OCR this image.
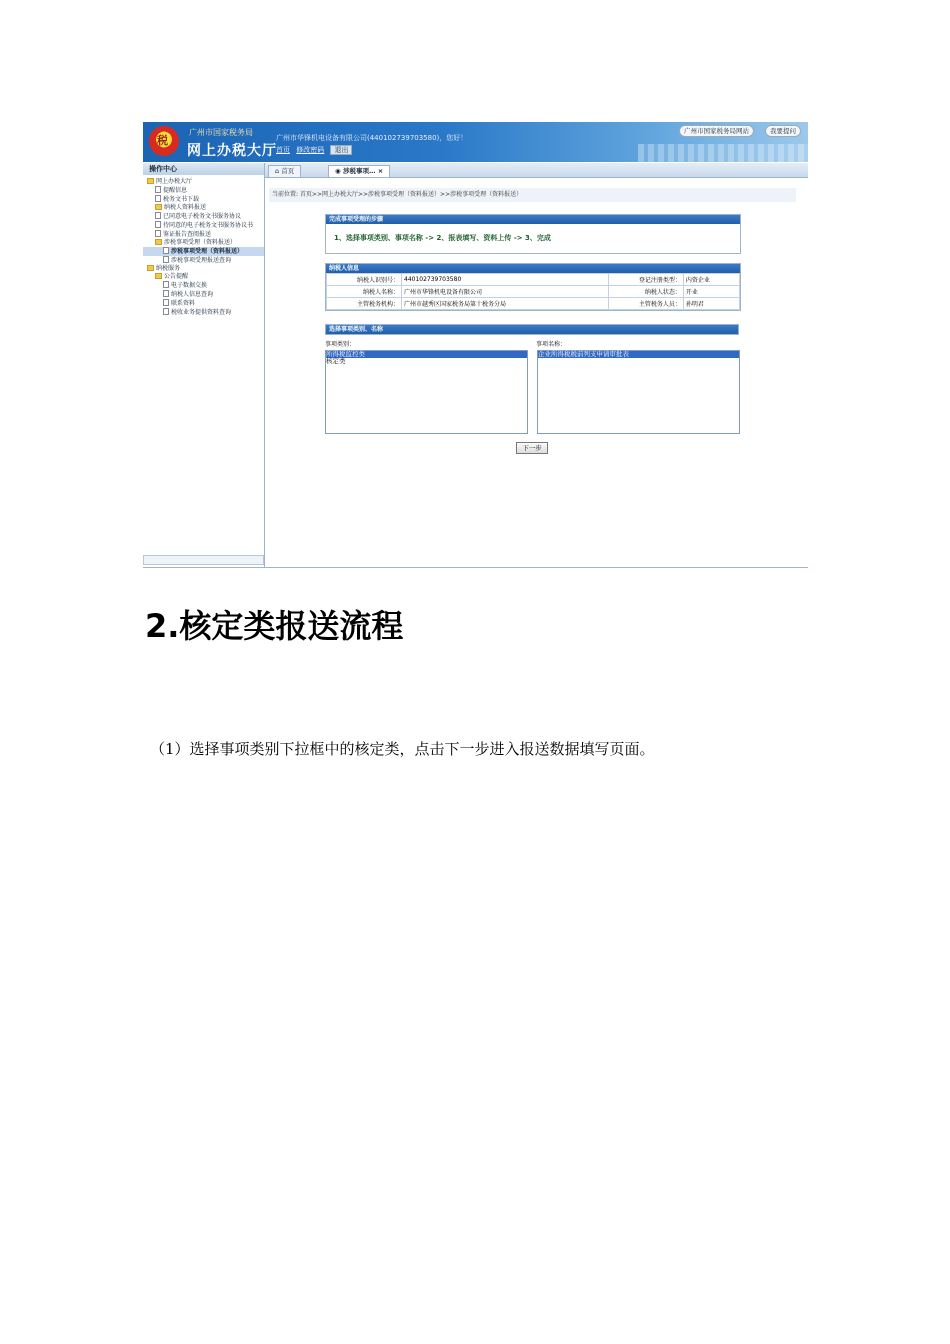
税
广州市国家税务局
网上办税大厅
广州市华锋机电设备有限公司(440102739703580)，您好！
首页 修改密码 退出
广州市国家税务局网站	我要提问
操作中心
网上办税大厅
提醒信息
税务文书下载
纳税人资料报送
已同意电子税务文书服务协议
待同意的电子税务文书服务协议书
鉴证报告查阅报送
涉税事项受理（资料报送）
涉税事项受理（资料报送）
涉税事项受理报送查询
纳税服务
公告提醒
电子数据交换
纳税人信息查询
联系资料
税收业务提供资料查询
⌂ 首页	◉ 涉税事项… ×
当前位置: 首页>>网上办税大厅>>涉税事项受理（资料报送）>>涉税事项受理（资料报送）
完成事项受理的步骤
1、选择事项类别、事项名称 -> 2、报表填写、资料上传 -> 3、完成
纳税人信息
纳税人识别号：	440102739703580	登记注册类型：	内资企业
纳税人名称：	广州市华锋机电设备有限公司	纳税人状态：	开业
主管税务机构：	广州市越秀区国家税务局第十税务分局	主管税务人员：	孙明君
选择事项类别、名称
事项类别：	事项名称：
所得税监控类
核定类
企业所得税税前列支申请审批表
下一步
2.核定类报送流程

（1）选择事项类别下拉框中的核定类，点击下一步进入报送数据填写页面。
